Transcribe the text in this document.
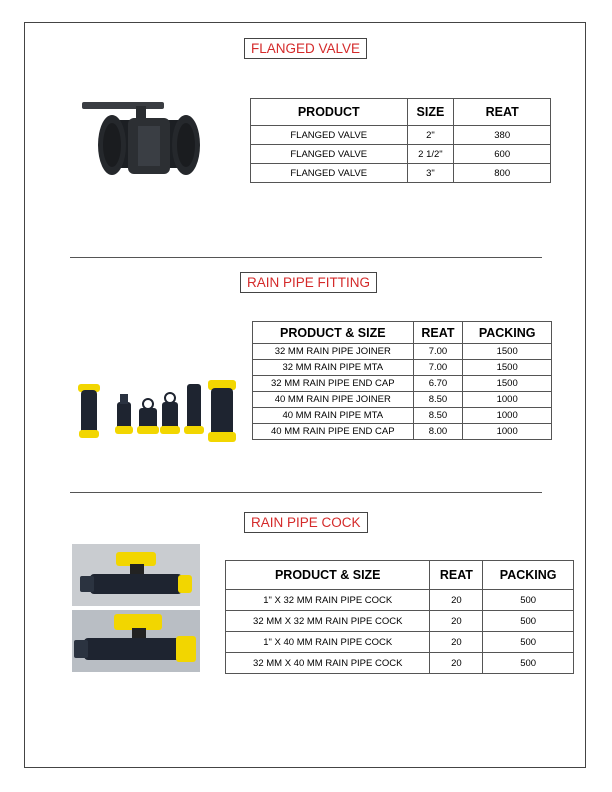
FLANGED VALVE
PRODUCT	SIZE	REAT
FLANGED VALVE	2"	380
FLANGED VALVE	2 1/2"	600
FLANGED VALVE	3"	800
RAIN PIPE FITTING
PRODUCT & SIZE	REAT	PACKING
32 MM RAIN PIPE JOINER	7.00	1500
32 MM RAIN PIPE MTA	7.00	1500
32 MM RAIN PIPE END CAP	6.70	1500
40 MM RAIN PIPE JOINER	8.50	1000
40 MM RAIN PIPE MTA	8.50	1000
40 MM RAIN PIPE END CAP	8.00	1000
RAIN PIPE COCK
PRODUCT & SIZE	REAT	PACKING
1" X 32 MM RAIN PIPE COCK	20	500
32 MM X 32 MM RAIN PIPE COCK	20	500
1" X 40 MM RAIN PIPE COCK	20	500
32 MM X 40 MM RAIN PIPE COCK	20	500
